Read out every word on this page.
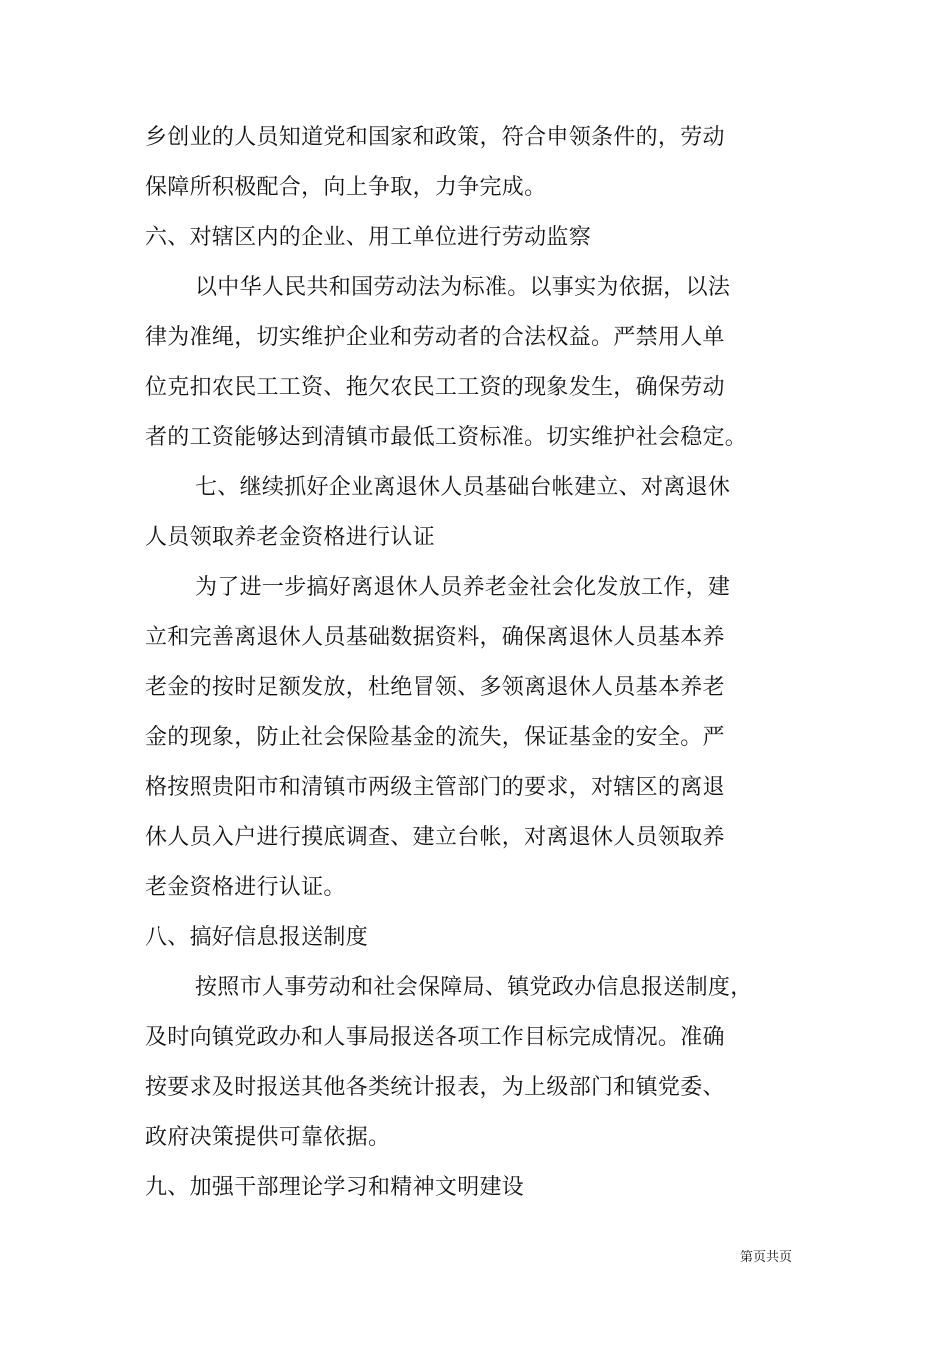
乡创业的人员知道党和国家和政策，符合申领条件的，劳动
保障所积极配合，向上争取，力争完成。
六、对辖区内的企业、用工单位进行劳动监察
以中华人民共和国劳动法为标准。以事实为依据，以法
律为准绳，切实维护企业和劳动者的合法权益。严禁用人单
位克扣农民工工资、拖欠农民工工资的现象发生，确保劳动
者的工资能够达到清镇市最低工资标准。切实维护社会稳定。
七、继续抓好企业离退休人员基础台帐建立、对离退休
人员领取养老金资格进行认证
为了进一步搞好离退休人员养老金社会化发放工作，建
立和完善离退休人员基础数据资料，确保离退休人员基本养
老金的按时足额发放，杜绝冒领、多领离退休人员基本养老
金的现象，防止社会保险基金的流失，保证基金的安全。严
格按照贵阳市和清镇市两级主管部门的要求，对辖区的离退
休人员入户进行摸底调查、建立台帐，对离退休人员领取养
老金资格进行认证。
八、搞好信息报送制度
按照市人事劳动和社会保障局、镇党政办信息报送制度，
及时向镇党政办和人事局报送各项工作目标完成情况。准确
按要求及时报送其他各类统计报表，为上级部门和镇党委、
政府决策提供可靠依据。
九、加强干部理论学习和精神文明建设
第页共页
